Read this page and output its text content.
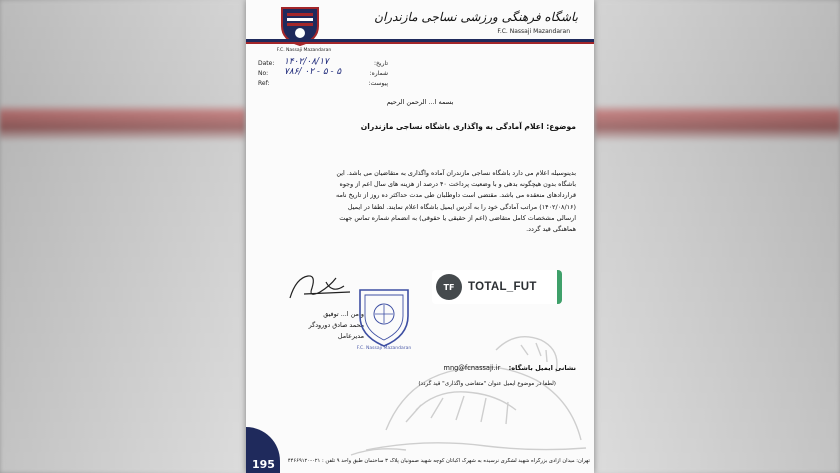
F.C. Nassaji Mazandaran
باشگاه فرهنگی ورزشی نساجی مازندران
F.C. Nassaji Mazandaran
Date: ۱۴۰۲/۰۸/۱۷	تاریخ:
No: ۷۸۶/ ۰۲ - ۵ - ۵	شماره:
Ref:	پیوست:
بسمه ا... الرحمن الرحیم
موضوع: اعلام آمادگی به واگذاری باشگاه نساجی مازندران
بدینوسیله اعلام می دارد باشگاه نساجی مازندران آماده واگذاری به متقاضیان می باشد. این
باشگاه بدون هیچگونه بدهی و با وضعیت پرداخت ۴۰ درصد از هزینه های سال اعم از وجوه
قراردادهای منعقده می باشد. مقتضی است داوطلبان طی مدت حداکثر ده روز از تاریخ نامه
(۱۴۰۲/۰۸/۱۶) مراتب آمادگی خود را به آدرس ایمیل باشگاه اعلام نمایند. لطفا در ایمیل
ارسالی مشخصات کامل متقاضی (اعم از حقیقی یا حقوقی) به انضمام شماره تماس جهت
هماهنگی قید گردد.
و من ا... توفیق
محمد صادق دورودگر
مدیرعامل
F.C. Nassaji Mazandaran
TF	TOTAL_FUT
نشانی ایمیل باشگاه: mng@fcnassaji.ir
(لطفا در موضوع ایمیل عنوان "متقاضی واگذاری" قید گردد)
تهران: میدان آزادی بزرگراه شهید لشگری نرسیده به شهرک اکباتان کوچه شهید صمونیان پلاک ۳ ساختمان طبق واحد ۹ تلفن : ۰۲۱-۴۴۶۶۹۱۲۰
195
